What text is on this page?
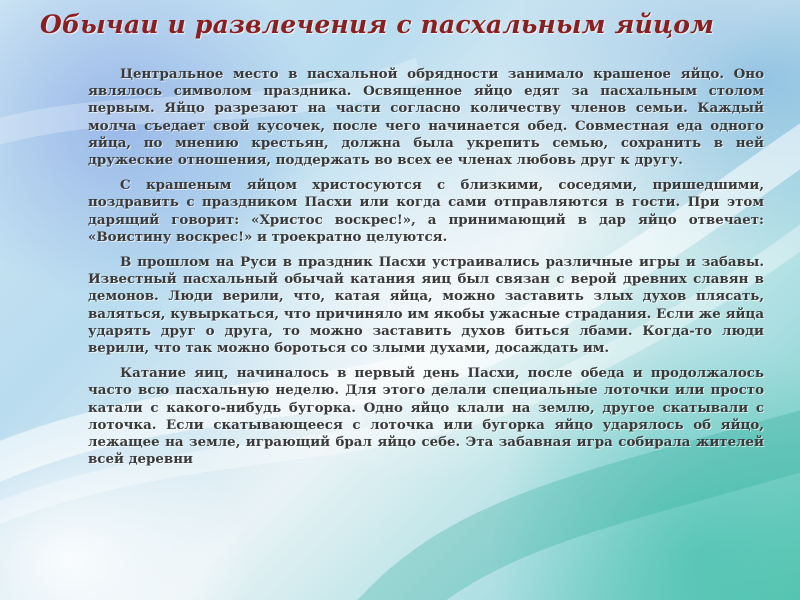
Обычаи и развлечения с пасхальным яйцом

Центральное место в пасхальной обрядности занимало крашеное яйцо. Оно являлось символом праздника. Освященное яйцо едят за пасхальным столом первым. Яйцо разрезают на части согласно количеству членов семьи. Каждый молча съедает свой кусочек, после чего начинается обед. Совместная еда одного яйца, по мнению крестьян, должна была укрепить семью, сохранить в ней дружеские отношения, поддержать во всех ее членах любовь друг к другу.

С крашеным яйцом христосуются с близкими, соседями, пришедшими, поздравить с праздником Пасхи или когда сами отправляются в гости. При этом дарящий говорит: «Христос воскрес!», а принимающий в дар яйцо отвечает: «Воистину воскрес!» и троекратно целуются.

В прошлом на Руси в праздник Пасхи устраивались различные игры и забавы. Известный пасхальный обычай катания яиц был связан с верой древних славян в демонов. Люди верили, что, катая яйца, можно заставить злых духов плясать, валяться, кувыркаться, что причиняло им якобы ужасные страдания. Если же яйца ударять друг о друга, то можно заставить духов биться лбами. Когда-то люди верили, что так можно бороться со злыми духами, досаждать им.

Катание яиц, начиналось в первый день Пасхи, после обеда и продолжалось часто всю пасхальную неделю. Для этого делали специальные лоточки или просто катали с какого-нибудь бугорка. Одно яйцо клали на землю, другое скатывали с лоточка. Если скатывающееся с лоточка или бугорка яйцо ударялось об яйцо, лежащее на земле, играющий брал яйцо себе. Эта забавная игра собирала жителей всей деревни
